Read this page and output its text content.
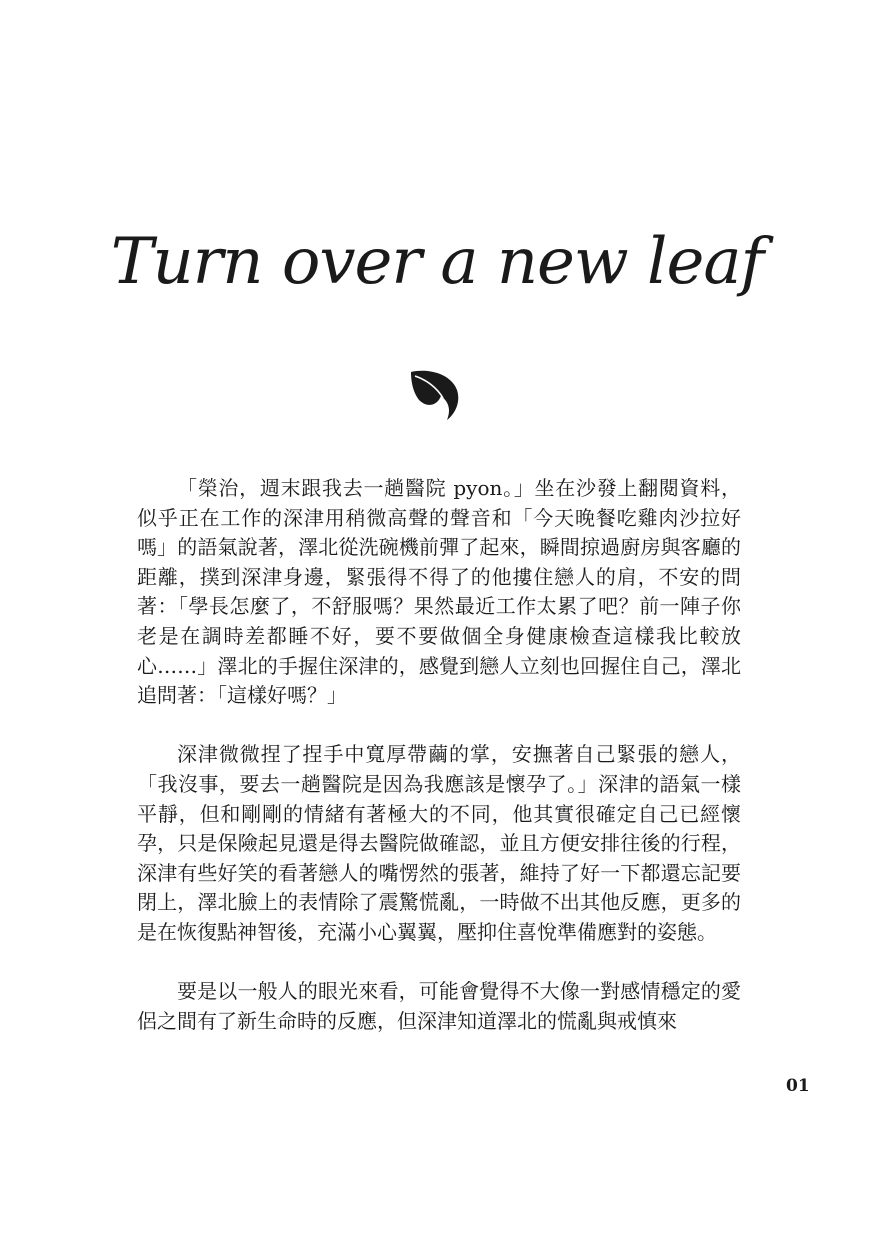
Turn over a new leaf

「榮治，週末跟我去一趟醫院 pyon。」坐在沙發上翻閱資料，似乎正在工作的深津用稍微高聲的聲音和「今天晚餐吃雞肉沙拉好嗎」的語氣說著，澤北從洗碗機前彈了起來，瞬間掠過廚房與客廳的距離，撲到深津身邊，緊張得不得了的他摟住戀人的肩，不安的問著：「學長怎麼了，不舒服嗎？果然最近工作太累了吧？前一陣子你老是在調時差都睡不好，要不要做個全身健康檢查這樣我比較放心……」澤北的手握住深津的，感覺到戀人立刻也回握住自己，澤北追問著：「這樣好嗎？」

深津微微捏了捏手中寬厚帶繭的掌，安撫著自己緊張的戀人，「我沒事，要去一趟醫院是因為我應該是懷孕了。」深津的語氣一樣平靜，但和剛剛的情緒有著極大的不同，他其實很確定自己已經懷孕，只是保險起見還是得去醫院做確認，並且方便安排往後的行程，深津有些好笑的看著戀人的嘴愣然的張著，維持了好一下都還忘記要閉上，澤北臉上的表情除了震驚慌亂，一時做不出其他反應，更多的是在恢復點神智後，充滿小心翼翼，壓抑住喜悅準備應對的姿態。

要是以一般人的眼光來看，可能會覺得不大像一對感情穩定的愛侶之間有了新生命時的反應，但深津知道澤北的慌亂與戒慎來

01
